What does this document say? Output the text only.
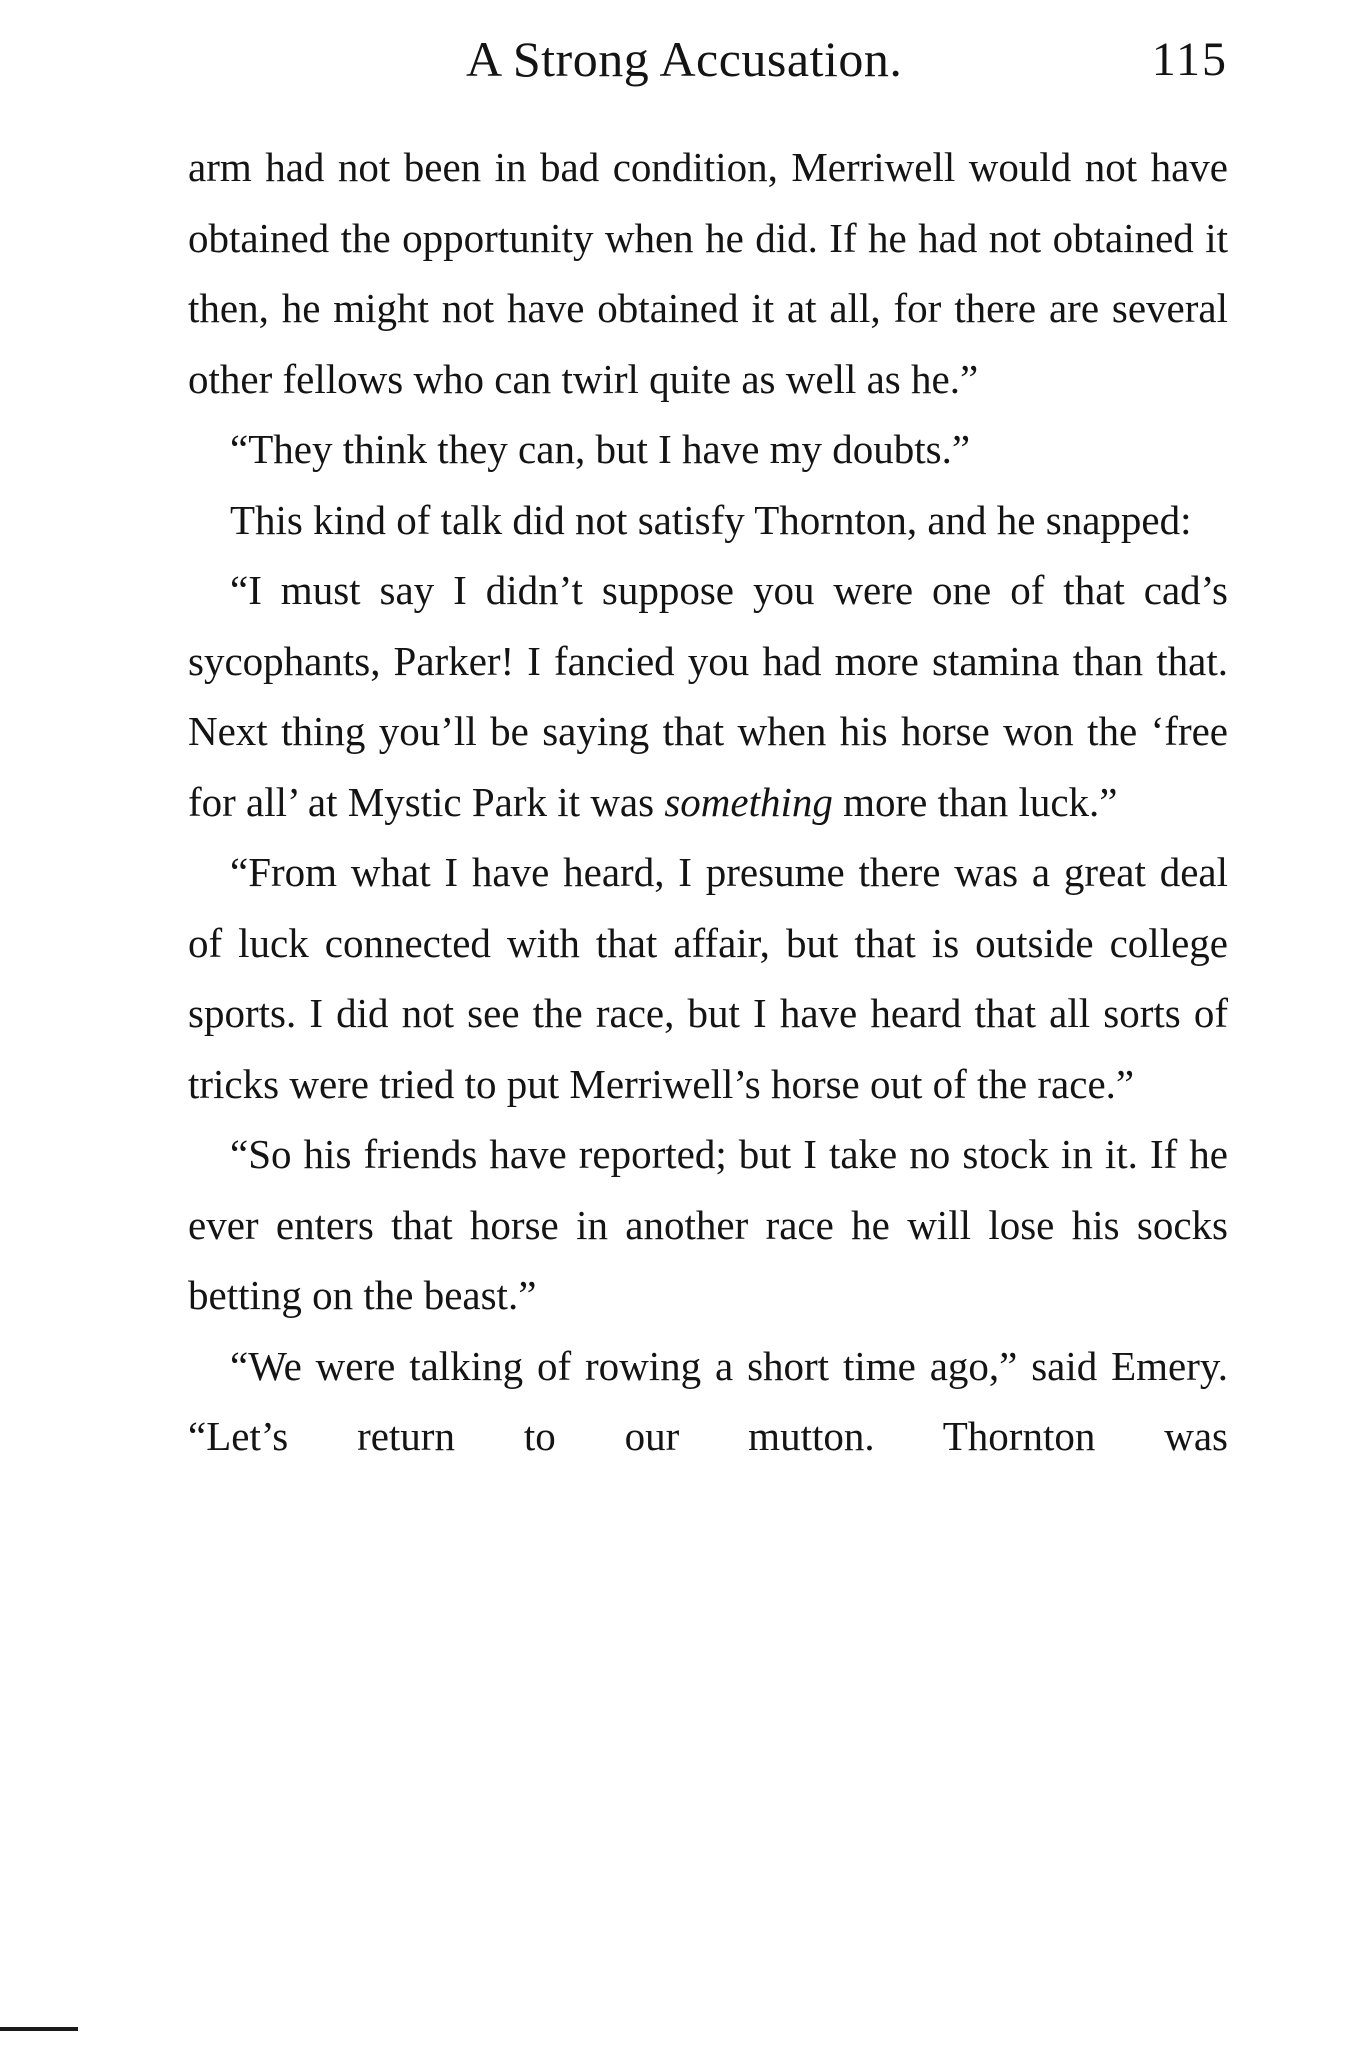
A Strong Accusation.	115

arm had not been in bad condition, Merriwell would not have obtained the opportunity when he did. If he had not obtained it then, he might not have obtained it at all, for there are several other fellows who can twirl quite as well as he.”

“They think they can, but I have my doubts.”

This kind of talk did not satisfy Thornton, and he snapped:

“I must say I didn’t suppose you were one of that cad’s sycophants, Parker! I fancied you had more stamina than that. Next thing you’ll be saying that when his horse won the ‘free for all’ at Mystic Park it was something more than luck.”

“From what I have heard, I presume there was a great deal of luck connected with that affair, but that is outside college sports. I did not see the race, but I have heard that all sorts of tricks were tried to put Merriwell’s horse out of the race.”

“So his friends have reported; but I take no stock in it. If he ever enters that horse in another race he will lose his socks betting on the beast.”

“We were talking of rowing a short time ago,” said Emery. “Let’s return to our mutton. Thornton was
